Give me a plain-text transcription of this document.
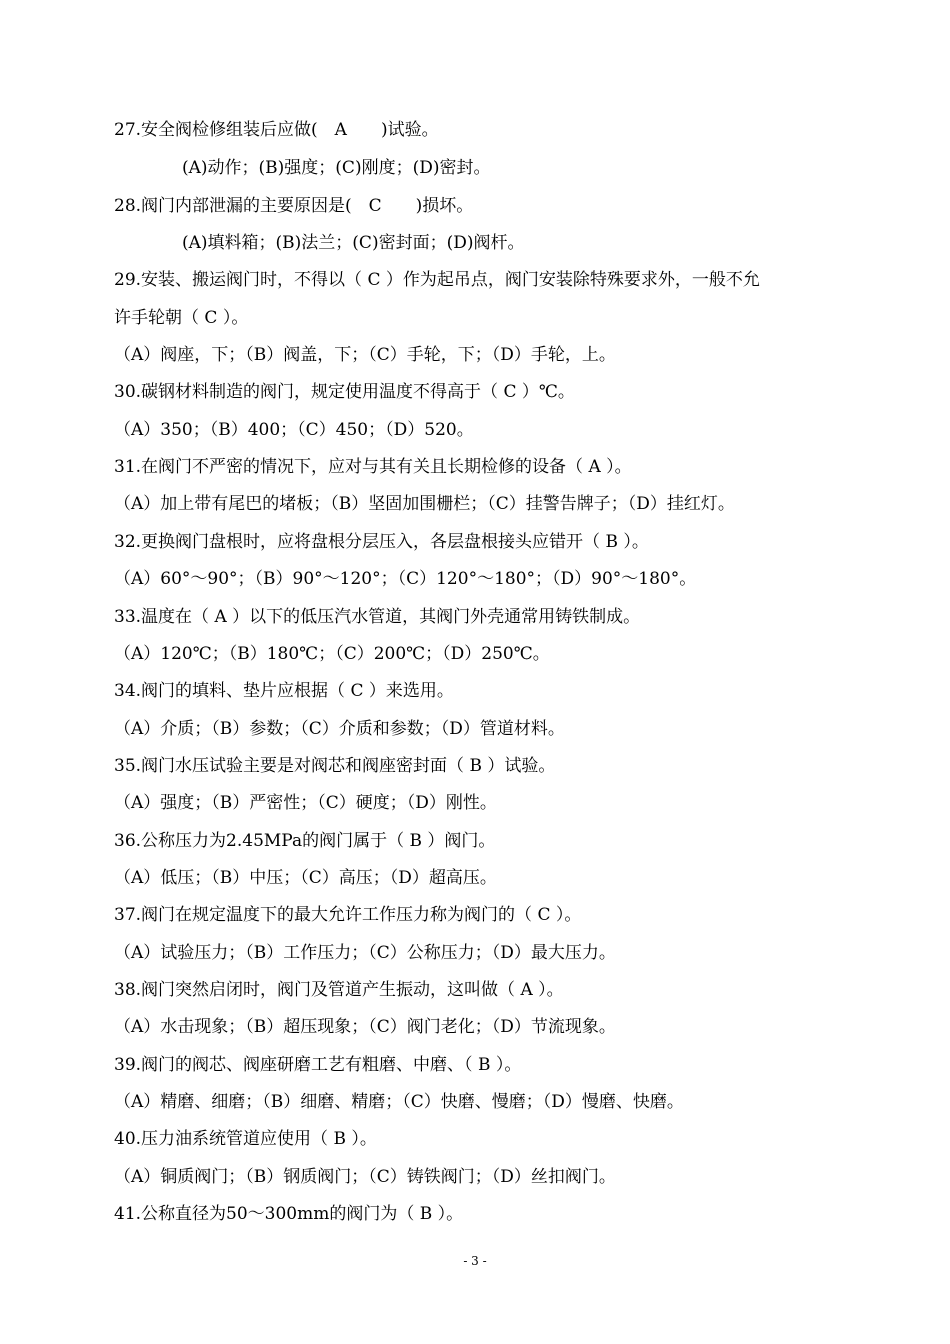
27.安全阀检修组装后应做(　A　　)试验。
(A)动作；(B)强度；(C)刚度；(D)密封。
28.阀门内部泄漏的主要原因是(　C　　)损坏。
(A)填料箱；(B)法兰；(C)密封面；(D)阀杆。
29.安装、搬运阀门时，不得以（ C ）作为起吊点，阀门安装除特殊要求外，一般不允
许手轮朝（ C ）。
（A）阀座，下；（B）阀盖，下；（C）手轮，下；（D）手轮，上。
30.碳钢材料制造的阀门，规定使用温度不得高于（ C ）℃。
（A）350；（B）400；（C）450；（D）520。
31.在阀门不严密的情况下，应对与其有关且长期检修的设备（ A ）。
（A）加上带有尾巴的堵板；（B）坚固加围栅栏；（C）挂警告牌子；（D）挂红灯。
32.更换阀门盘根时，应将盘根分层压入，各层盘根接头应错开（ B ）。
（A）60°～90°；（B）90°～120°；（C）120°～180°；（D）90°～180°。
33.温度在（ A ）以下的低压汽水管道，其阀门外壳通常用铸铁制成。
（A）120℃；（B）180℃；（C）200℃；（D）250℃。
34.阀门的填料、垫片应根据（ C ）来选用。
（A）介质；（B）参数；（C）介质和参数；（D）管道材料。
35.阀门水压试验主要是对阀芯和阀座密封面（ B ）试验。
（A）强度；（B）严密性；（C）硬度；（D）刚性。
36.公称压力为2.45MPa的阀门属于（ B ）阀门。
（A）低压；（B）中压；（C）高压；（D）超高压。
37.阀门在规定温度下的最大允许工作压力称为阀门的（ C ）。
（A）试验压力；（B）工作压力；（C）公称压力；（D）最大压力。
38.阀门突然启闭时，阀门及管道产生振动，这叫做（ A ）。
（A）水击现象；（B）超压现象；（C）阀门老化；（D）节流现象。
39.阀门的阀芯、阀座研磨工艺有粗磨、中磨、（ B ）。
（A）精磨、细磨；（B）细磨、精磨；（C）快磨、慢磨；（D）慢磨、快磨。
40.压力油系统管道应使用（ B ）。
（A）铜质阀门；（B）钢质阀门；（C）铸铁阀门；（D）丝扣阀门。
41.公称直径为50～300mm的阀门为（ B ）。
- 3 -
